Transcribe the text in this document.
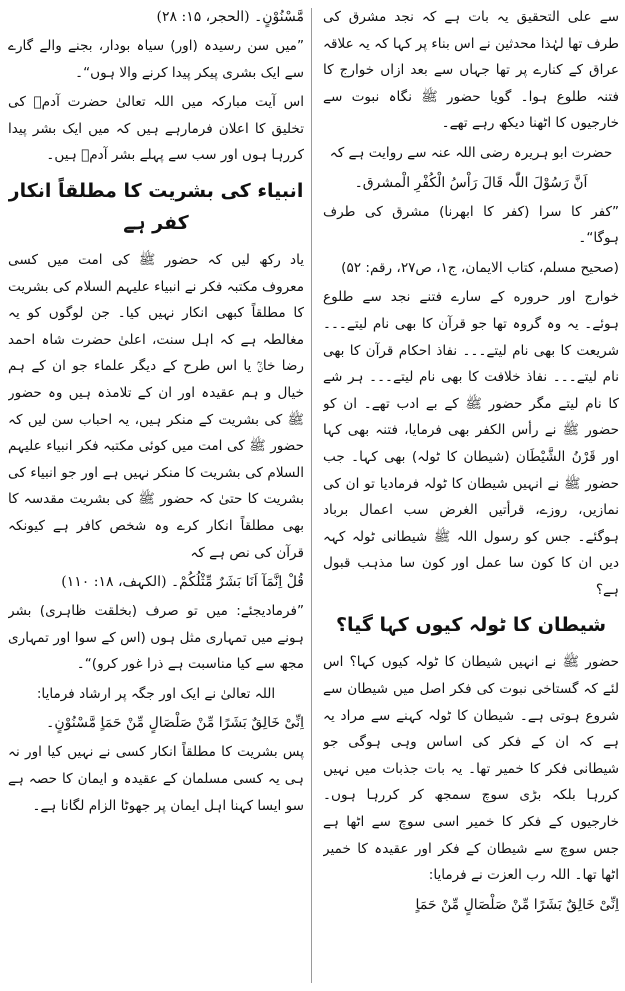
سے علی التحقیق یہ بات ہے کہ نجد مشرق کی طرف تھا لہٰذا محدثین نے اس بناء پر کہا کہ یہ علاقہ عراق کے کنارے پر تھا جہاں سے بعد ازاں خوارج کا فتنہ طلوع ہوا۔ گویا حضور ﷺ نگاہ نبوت سے خارجیوں کا اٹھنا دیکھ رہے تھے۔

حضرت ابو ہریرہ رضی اللہ عنہ سے روایت ہے کہ

اَنَّ رَسُوْلَ اللّٰہ قَالَ رَاْسُ الْکُفْرِ الْمشرق۔

”کفر کا سرا (کفر کا ابھرنا) مشرق کی طرف ہوگا“۔

(صحیح مسلم، کتاب الایمان، ج۱، ص۲۷، رقم: ۵۲)

خوارج اور حروره کے سارے فتنے نجد سے طلوع ہوئے۔ یہ وہ گروہ تھا جو قرآن کا بھی نام لیتے۔۔۔ شریعت کا بھی نام لیتے۔۔۔ نفاذ احکام قرآن کا بھی نام لیتے۔۔۔ نفاذ خلافت کا بھی نام لیتے۔۔۔ ہر شے کا نام لیتے مگر حضور ﷺ کے بے ادب تھے۔ ان کو حضور ﷺ نے رأس الکفر بھی فرمایا، فتنہ بھی کہا اور قَرْنُ الشَّیْطَان (شیطان کا ٹولہ) بھی کہا۔ جب حضور ﷺ نے انہیں شیطان کا ٹولہ فرمادیا تو ان کی نمازیں، روزے، قرأتیں الغرض سب اعمال برباد ہوگئے۔ جس کو رسول اللہ ﷺ شیطانی ٹولہ کہہ دیں ان کا کون سا عمل اور کون سا مذہب قبول ہے؟

شیطان کا ٹولہ کیوں کہا گیا؟

حضور ﷺ نے انہیں شیطان کا ٹولہ کیوں کہا؟ اس لئے کہ گستاخی نبوت کی فکر اصل میں شیطان سے شروع ہوتی ہے۔ شیطان کا ٹولہ کہنے سے مراد یہ ہے کہ ان کے فکر کی اساس وہی ہوگی جو شیطانی فکر کا خمیر تھا۔ یہ بات جذبات میں نہیں کررہا بلکہ بڑی سوچ سمجھ کر کررہا ہوں۔ خارجیوں کے فکر کا خمیر اسی سوچ سے اٹھا ہے جس سوچ سے شیطان کے فکر اور عقیدہ کا خمیر اٹھا تھا۔ اللہ رب العزت نے فرمایا:

اِنِّیْ خَالِقٌ بَشَرًا مِّنْ صَلْصَالٍ مِّنْ حَمَاٍ

مَّسْنُوْنٍ۔ (الحجر، ۱۵: ۲۸)

”میں سن رسیدہ (اور) سیاہ بودار، بجنے والے گارے سے ایک بشری پیکر پیدا کرنے والا ہوں“۔

اس آیت مبارکہ میں اللہ تعالیٰ حضرت آدمؑ کی تخلیق کا اعلان فرمارہے ہیں کہ میں ایک بشر پیدا کررہا ہوں اور سب سے پہلے بشر آدمؑ ہیں۔

انبیاء کی بشریت کا مطلقاً انکار کفر ہے

یاد رکھ لیں کہ حضور ﷺ کی امت میں کسی معروف مکتبہ فکر نے انبیاء علیہم السلام کی بشریت کا مطلقاً کبھی انکار نہیں کیا۔ جن لوگوں کو یہ مغالطہ ہے کہ اہل سنت، اعلیٰ حضرت شاہ احمد رضا خانؒ یا اس طرح کے دیگر علماء جو ان کے ہم خیال و ہم عقیدہ اور ان کے تلامذہ ہیں وہ حضور ﷺ کی بشریت کے منکر ہیں، یہ احباب سن لیں کہ حضور ﷺ کی امت میں کوئی مکتبہ فکر انبیاء علیہم السلام کی بشریت کا منکر نہیں ہے اور جو انبیاء کی بشریت کا حتیٰ کہ حضور ﷺ کی بشریت مقدسہ کا بھی مطلقاً انکار کرے وہ شخص کافر ہے کیونکہ قرآن کی نص ہے کہ

قُلْ اِنَّمَآ اَنَا بَشَرٌ مِّثْلُکُمْ۔ (الکہف، ۱۸: ۱۱۰)

”فرمادیجئے: میں تو صرف (بخلقت ظاہری) بشر ہونے میں تمہاری مثل ہوں (اس کے سوا اور تمہاری مجھ سے کیا مناسبت ہے ذرا غور کرو)“۔

اللہ تعالیٰ نے ایک اور جگہ پر ارشاد فرمایا:

اِنِّیْ خَالِقٌ بَشَرًا مِّنْ صَلْصَالٍ مِّنْ حَمَاٍ مَّسْنُوْنٍ۔

پس بشریت کا مطلقاً انکار کسی نے نہیں کیا اور نہ ہی یہ کسی مسلمان کے عقیدہ و ایمان کا حصہ ہے سو ایسا کہنا اہل ایمان پر جھوٹا الزام لگانا ہے۔
